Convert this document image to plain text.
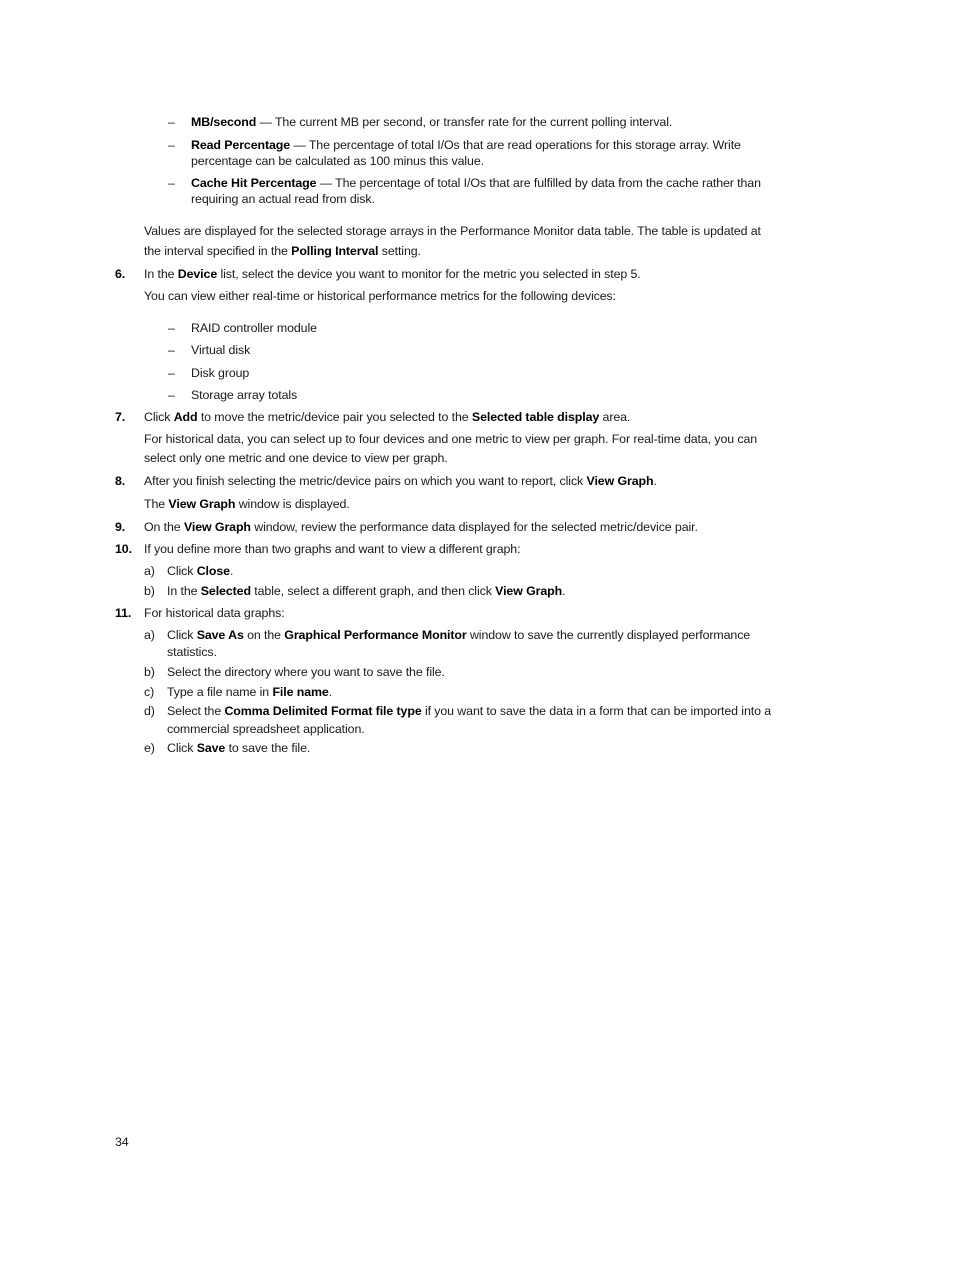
– MB/second — The current MB per second, or transfer rate for the current polling interval.
– Read Percentage — The percentage of total I/Os that are read operations for this storage array. Write
percentage can be calculated as 100 minus this value.
– Cache Hit Percentage — The percentage of total I/Os that are fulfilled by data from the cache rather than
requiring an actual read from disk.
Values are displayed for the selected storage arrays in the Performance Monitor data table. The table is updated at
the interval specified in the Polling Interval setting.
6. In the Device list, select the device you want to monitor for the metric you selected in step 5.
You can view either real-time or historical performance metrics for the following devices:
– RAID controller module
– Virtual disk
– Disk group
– Storage array totals
7. Click Add to move the metric/device pair you selected to the Selected table display area.
For historical data, you can select up to four devices and one metric to view per graph. For real-time data, you can
select only one metric and one device to view per graph.
8. After you finish selecting the metric/device pairs on which you want to report, click View Graph.
The View Graph window is displayed.
9. On the View Graph window, review the performance data displayed for the selected metric/device pair.
10. If you define more than two graphs and want to view a different graph:
a) Click Close.
b) In the Selected table, select a different graph, and then click View Graph.
11. For historical data graphs:
a) Click Save As on the Graphical Performance Monitor window to save the currently displayed performance
statistics.
b) Select the directory where you want to save the file.
c) Type a file name in File name.
d) Select the Comma Delimited Format file type if you want to save the data in a form that can be imported into a
commercial spreadsheet application.
e) Click Save to save the file.
34
